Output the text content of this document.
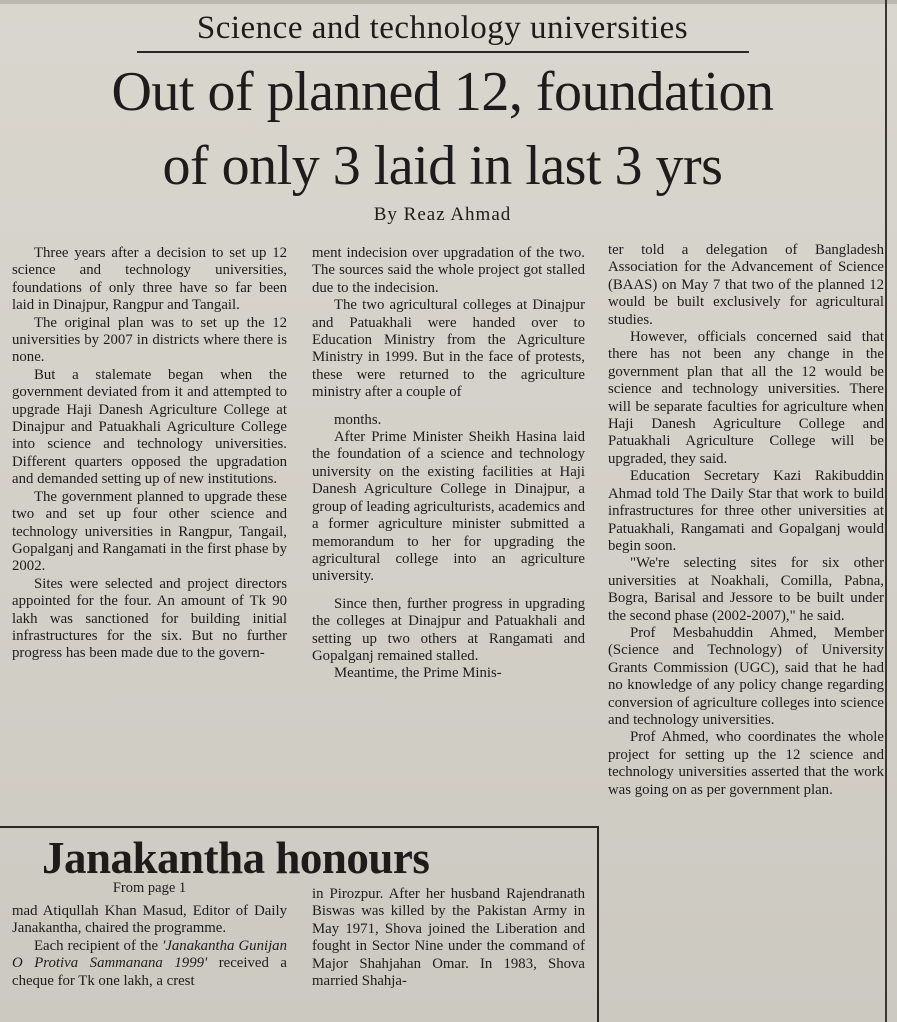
Science and technology universities
Out of planned 12, foundation
of only 3 laid in last 3 yrs
By Reaz Ahmad

Three years after a decision to set up 12 science and technology universities, foundations of only three have so far been laid in Dinajpur, Rangpur and Tangail.

The original plan was to set up the 12 universities by 2007 in districts where there is none.

But a stalemate began when the government deviated from it and attempted to upgrade Haji Danesh Agriculture College at Dinajpur and Patuakhali Agriculture College into science and technology universities. Different quarters opposed the upgradation and demanded setting up of new institutions.

The government planned to upgrade these two and set up four other science and technology universities in Rangpur, Tangail, Gopalganj and Rangamati in the first phase by 2002.

Sites were selected and project directors appointed for the four. An amount of Tk 90 lakh was sanctioned for building initial infrastructures for the six. But no further progress has been made due to the govern-

ment indecision over upgradation of the two. The sources said the whole project got stalled due to the indecision.

The two agricultural colleges at Dinajpur and Patuakhali were handed over to Education Ministry from the Agriculture Ministry in 1999. But in the face of protests, these were returned to the agriculture ministry after a couple of

months.

After Prime Minister Sheikh Hasina laid the foundation of a science and technology university on the existing facilities at Haji Danesh Agriculture College in Dinajpur, a group of leading agriculturists, academics and a former agriculture minister submitted a memorandum to her for upgrading the agricultural college into an agriculture university.

Since then, further progress in upgrading the colleges at Dinajpur and Patuakhali and setting up two others at Rangamati and Gopalganj remained stalled.

Meantime, the Prime Minis-

ter told a delegation of Bangladesh Association for the Advancement of Science (BAAS) on May 7 that two of the planned 12 would be built exclusively for agricultural studies.

However, officials concerned said that there has not been any change in the government plan that all the 12 would be science and technology universities. There will be separate faculties for agriculture when Haji Danesh Agriculture College and Patuakhali Agriculture College will be upgraded, they said.

Education Secretary Kazi Rakibuddin Ahmad told The Daily Star that work to build infrastructures for three other universities at Patuakhali, Rangamati and Gopalganj would begin soon.

"We're selecting sites for six other universities at Noakhali, Comilla, Pabna, Bogra, Barisal and Jessore to be built under the second phase (2002-2007)," he said.

Prof Mesbahuddin Ahmed, Member (Science and Technology) of University Grants Commission (UGC), said that he had no knowledge of any policy change regarding conversion of agriculture colleges into science and technology universities.

Prof Ahmed, who coordinates the whole project for setting up the 12 science and technology universities asserted that the work was going on as per government plan.

Janakantha honours
From page 1

mad Atiqullah Khan Masud, Editor of Daily Janakantha, chaired the programme.

Each recipient of the 'Janakantha Gunijan O Protiva Sammanana 1999' received a cheque for Tk one lakh, a crest

in Pirozpur. After her husband Rajendranath Biswas was killed by the Pakistan Army in May 1971, Shova joined the Liberation and fought in Sector Nine under the command of Major Shahjahan Omar. In 1983, Shova married Shahja-
